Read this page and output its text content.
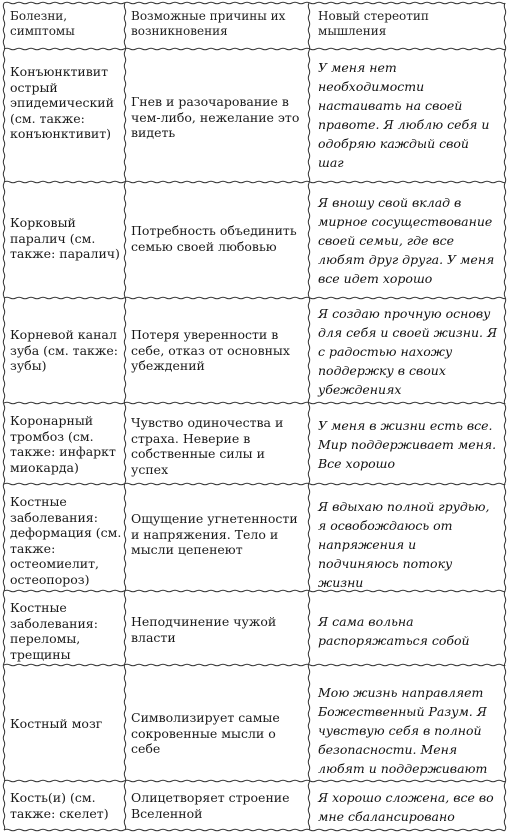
Болезни, симптомы
Возможные причины их возникновения
Новый стереотип мышления
Конъюнктивит острый эпидемический (см. также: конъюнктивит)
Гнев и разочарование в чем-либо, нежелание это видеть
У меня нет необходимости настаивать на своей правоте. Я люблю себя и одобряю каждый свой шаг
Корковый паралич (см. также: паралич)
Потребность объединить семью своей любовью
Я вношу свой вклад в мирное сосуществование своей семьи, где все любят друг друга. У меня все идет хорошо
Корневой канал зуба (см. также: зубы)
Потеря уверенности в себе, отказ от основных убеждений
Я создаю прочную основу для себя и своей жизни. Я с радостью нахожу поддержку в своих убеждениях
Коронарный тромбоз (см. также: инфаркт миокарда)
Чувство одиночества и страха. Неверие в собственные силы и успех
У меня в жизни есть все. Мир поддерживает меня. Все хорошо
Костные заболевания: деформация (см. также: остеомиелит, остеопороз)
Ощущение угнетенности и напряжения. Тело и мысли цепенеют
Я вдыхаю полной грудью, я освобождаюсь от напряжения и подчиняюсь потоку жизни
Костные заболевания: переломы, трещины
Неподчинение чужой власти
Я сама вольна распоряжаться собой
Костный мозг	Символизирует самые сокровенные мысли о себе
Мою жизнь направляет Божественный Разум. Я чувствую себя в полной безопасности. Меня любят и поддерживают
Кость(и) (см. также: скелет)
Олицетворяет строение Вселенной
Я хорошо сложена, все во мне сбалансировано
